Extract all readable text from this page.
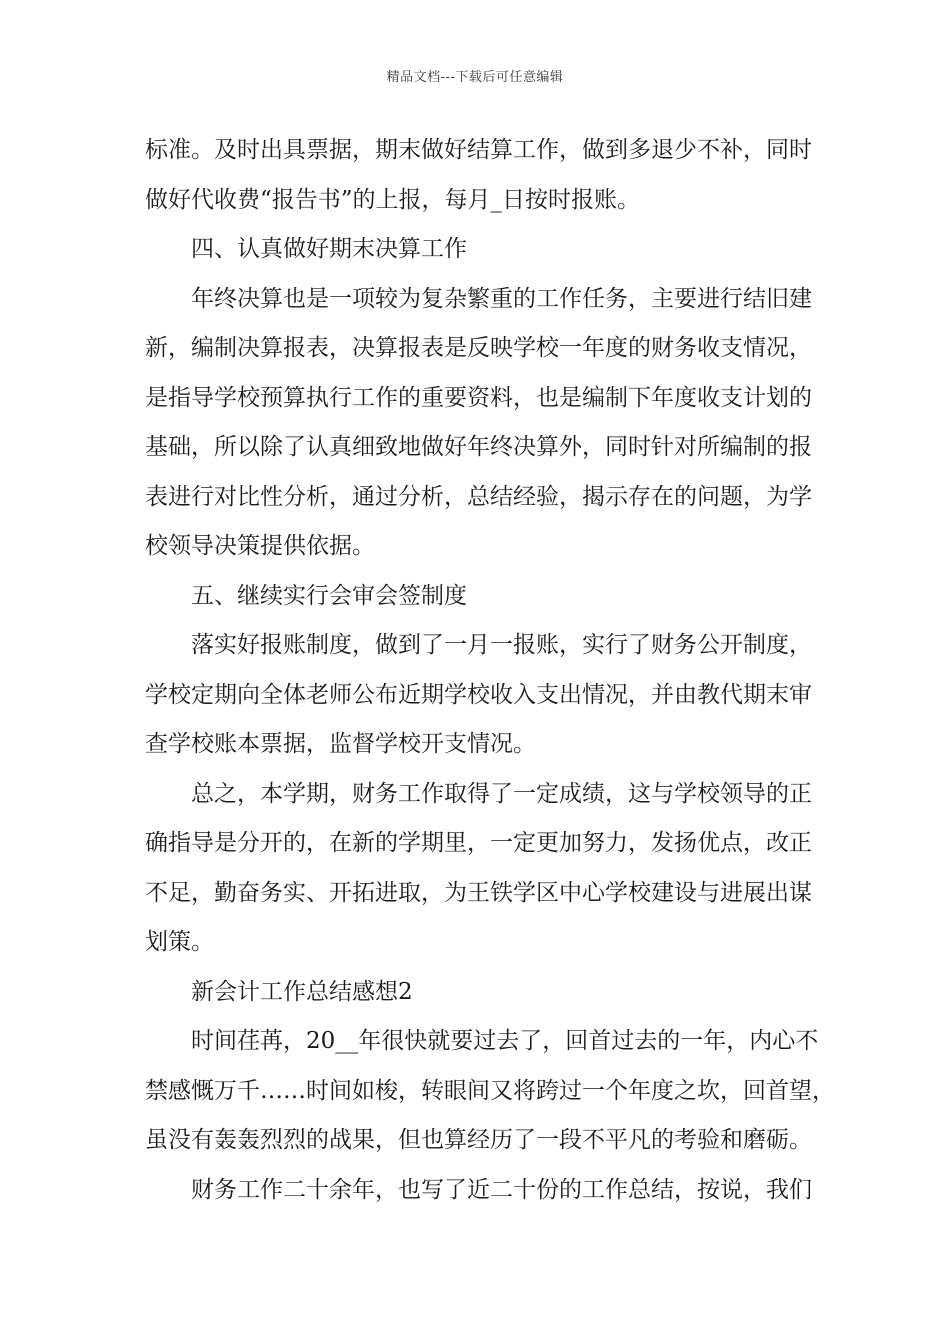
精品文档---下载后可任意编辑
标准。及时出具票据，期末做好结算工作，做到多退少不补，同时
做好代收费“报告书”的上报，每月_日按时报账。
四、认真做好期末决算工作
年终决算也是一项较为复杂繁重的工作任务，主要进行结旧建
新，编制决算报表，决算报表是反映学校一年度的财务收支情况，
是指导学校预算执行工作的重要资料，也是编制下年度收支计划的
基础，所以除了认真细致地做好年终决算外，同时针对所编制的报
表进行对比性分析，通过分析，总结经验，揭示存在的问题，为学
校领导决策提供依据。
五、继续实行会审会签制度
落实好报账制度，做到了一月一报账，实行了财务公开制度，
学校定期向全体老师公布近期学校收入支出情况，并由教代期末审
查学校账本票据，监督学校开支情况。
总之，本学期，财务工作取得了一定成绩，这与学校领导的正
确指导是分开的，在新的学期里，一定更加努力，发扬优点，改正
不足，勤奋务实、开拓进取，为王铁学区中心学校建设与进展出谋
划策。
新会计工作总结感想2
时间荏苒，20__年很快就要过去了，回首过去的一年，内心不
禁感慨万千……时间如梭，转眼间又将跨过一个年度之坎，回首望，
虽没有轰轰烈烈的战果，但也算经历了一段不平凡的考验和磨砺。
财务工作二十余年，也写了近二十份的工作总结，按说，我们
